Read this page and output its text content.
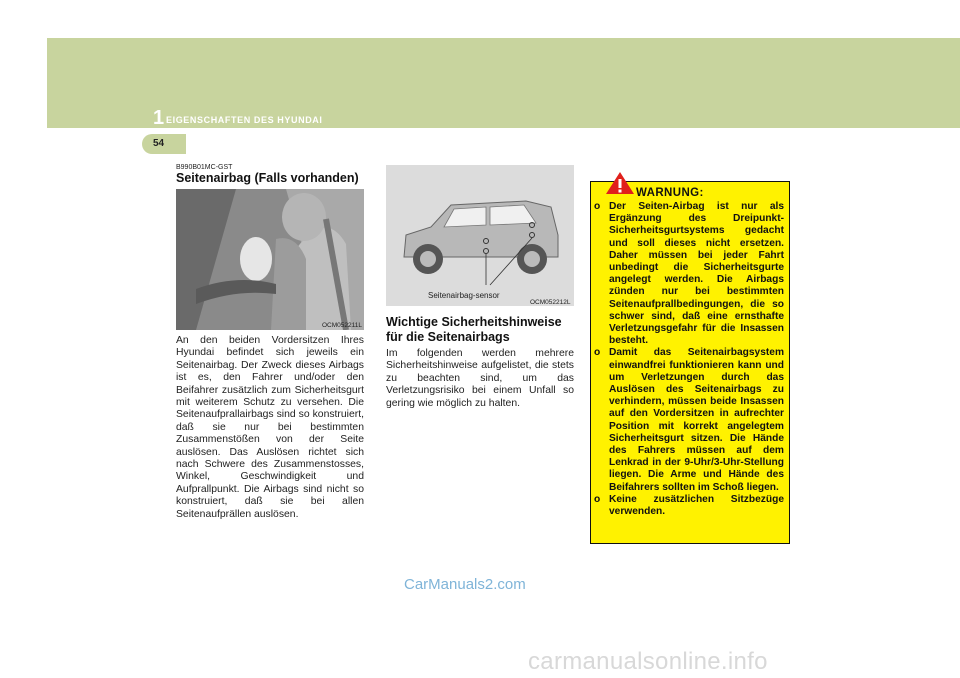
1 EIGENSCHAFTEN DES HYUNDAI
54
B990B01MC-GST
Seitenairbag (Falls vorhanden)
OCM052211L
An den beiden Vordersitzen Ihres Hyundai befindet sich jeweils ein Seitenairbag. Der Zweck dieses Airbags ist es, den Fahrer und/oder den Beifahrer zusätzlich zum Sicherheitsgurt mit weiterem Schutz zu versehen. Die Seitenaufprallairbags sind so konstruiert, daß sie nur bei bestimmten Zusammenstößen von der Seite auslösen. Das Auslösen richtet sich nach Schwere des Zusammenstosses, Winkel, Geschwindigkeit und Aufprallpunkt. Die Airbags sind nicht so konstruiert, daß sie bei allen Seitenaufprällen auslösen.
Seitenairbag-sensor
OCM052212L
Wichtige Sicherheitshinweise für die Seitenairbags
Im folgenden werden mehrere Sicherheitshinweise aufgelistet, die stets zu beachten sind, um das Verletzungsrisiko bei einem Unfall so gering wie möglich zu halten.
WARNUNG:
o Der Seiten-Airbag ist nur als Ergänzung des Dreipunkt-Sicherheitsgurtsystems gedacht und soll dieses nicht ersetzen. Daher müssen bei jeder Fahrt unbedingt die Sicherheitsgurte angelegt werden. Die Airbags zünden nur bei bestimmten Seitenaufprallbedingungen, die so schwer sind, daß eine ernsthafte Verletzungsgefahr für die Insassen besteht.
o Damit das Seitenairbagsystem einwandfrei funktionieren kann und um Verletzungen durch das Auslösen des Seitenairbags zu verhindern, müssen beide Insassen auf den Vordersitzen in aufrechter Position mit korrekt angelegtem Sicherheitsgurt sitzen. Die Hände des Fahrers müssen auf dem Lenkrad in der 9-Uhr/3-Uhr-Stellung liegen. Die Arme und Hände des Beifahrers sollten im Schoß liegen.
o Keine zusätzlichen Sitzbezüge verwenden.
CarManuals2.com
carmanualsonline.info
